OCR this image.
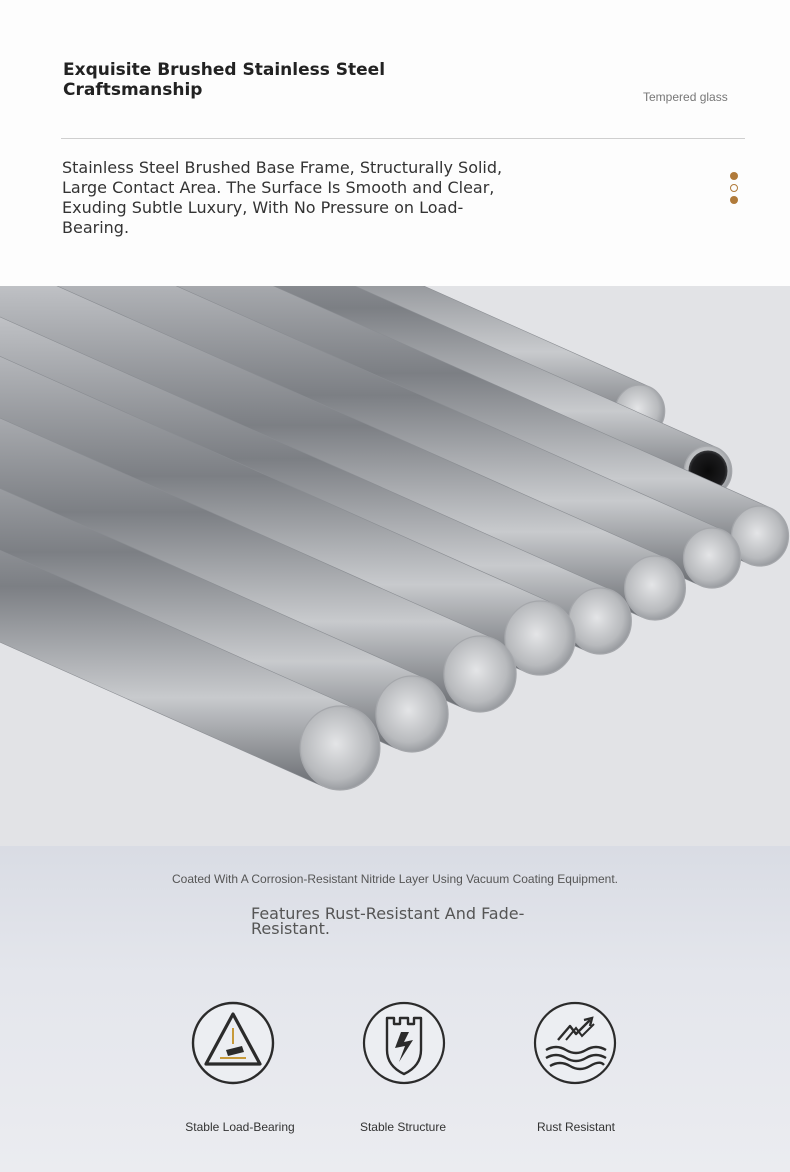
Exquisite Brushed Stainless Steel Craftsmanship	Tempered glass
Stainless Steel Brushed Base Frame, Structurally Solid, Large Contact Area. The Surface Is Smooth and Clear, Exuding Subtle Luxury, With No Pressure on Load-Bearing.
Coated With A Corrosion-Resistant Nitride Layer Using Vacuum Coating Equipment.
Features Rust-Resistant And Fade-Resistant.
Stable Load-Bearing	Stable Structure	Rust Resistant
